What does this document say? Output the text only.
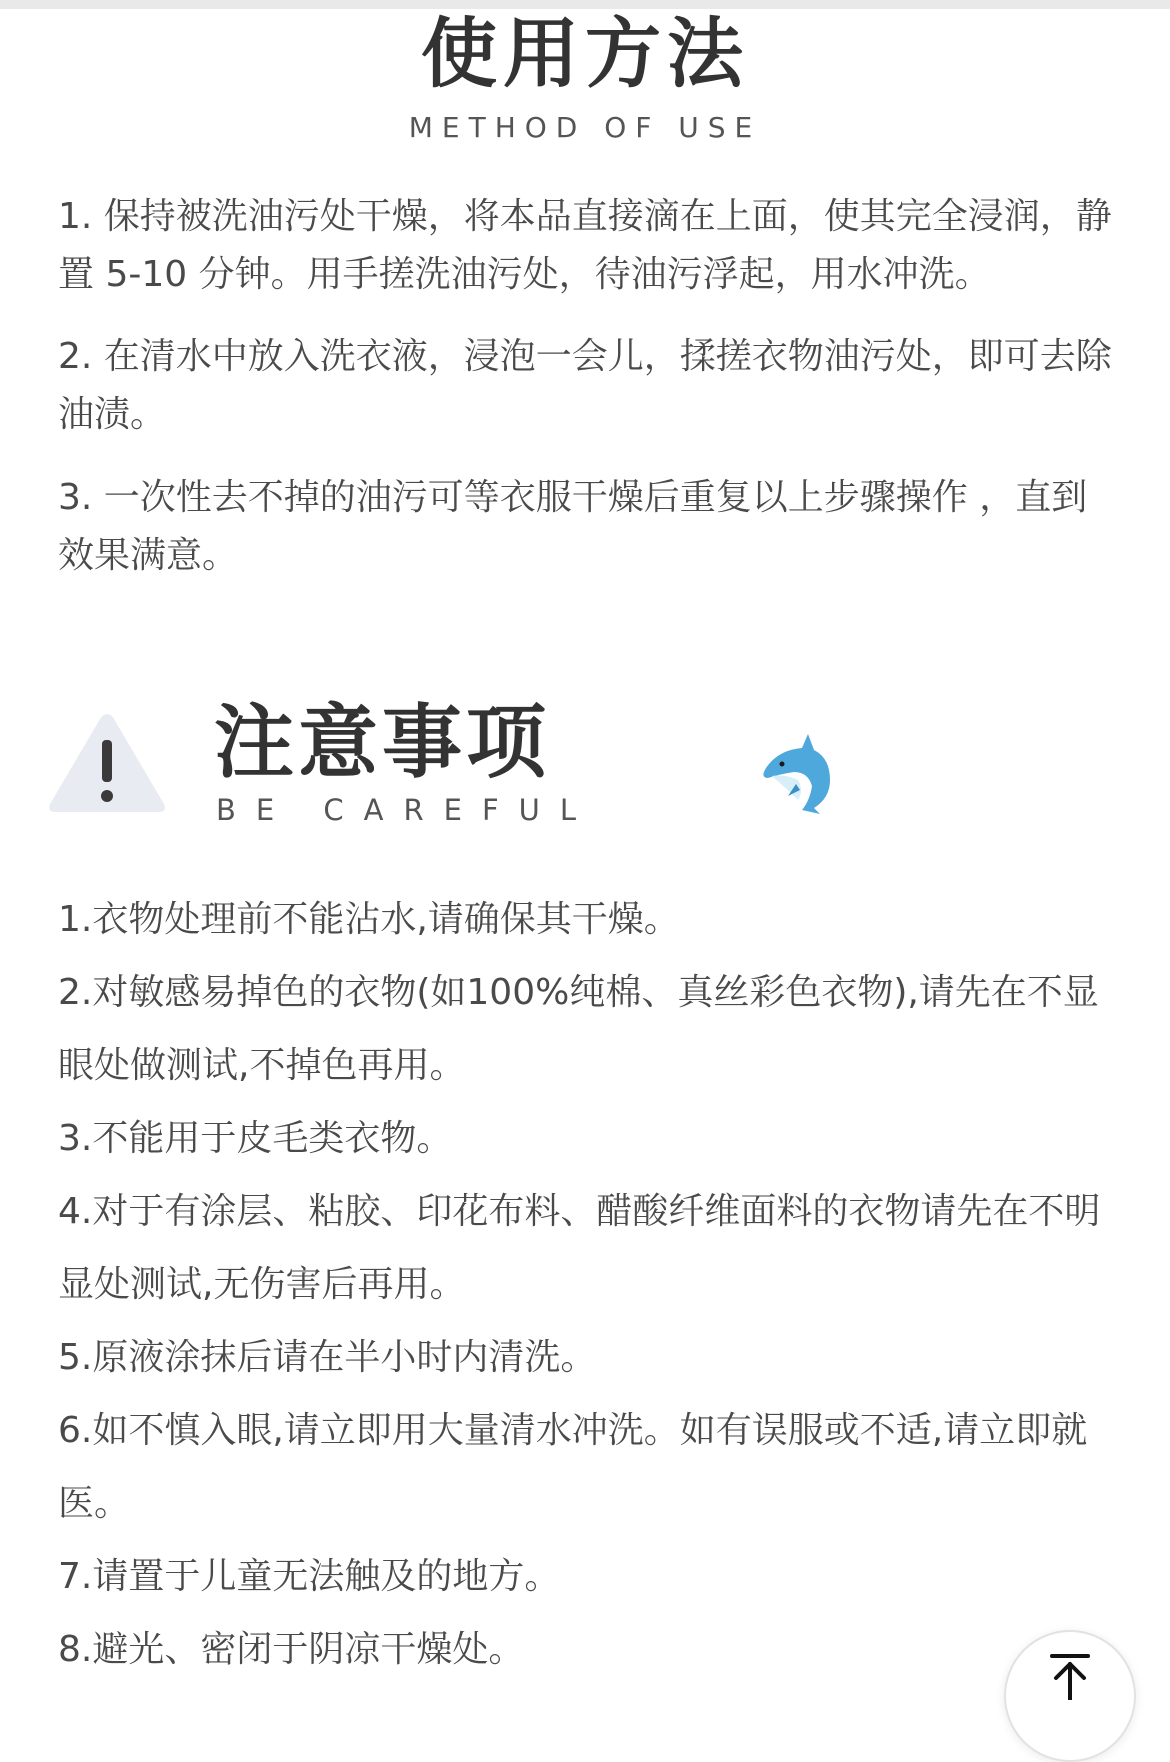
使用方法
METHOD OF USE

1. 保持被洗油污处干燥，将本品直接滴在上面，使其完全浸润，静置 5-10 分钟。用手搓洗油污处，待油污浮起，用水冲洗。

2. 在清水中放入洗衣液，浸泡一会儿，揉搓衣物油污处，即可去除油渍。

3. 一次性去不掉的油污可等衣服干燥后重复以上步骤操作 ，直到效果满意。

注意事项
BE CAREFUL

1.衣物处理前不能沾水,请确保其干燥。

2.对敏感易掉色的衣物(如100%纯棉、真丝彩色衣物),请先在不显眼处做测试,不掉色再用。

3.不能用于皮毛类衣物。

4.对于有涂层、粘胶、印花布料、醋酸纤维面料的衣物请先在不明显处测试,无伤害后再用。

5.原液涂抹后请在半小时内清洗。

6.如不慎入眼,请立即用大量清水冲洗。如有误服或不适,请立即就医。

7.请置于儿童无法触及的地方。

8.避光、密闭于阴凉干燥处。
